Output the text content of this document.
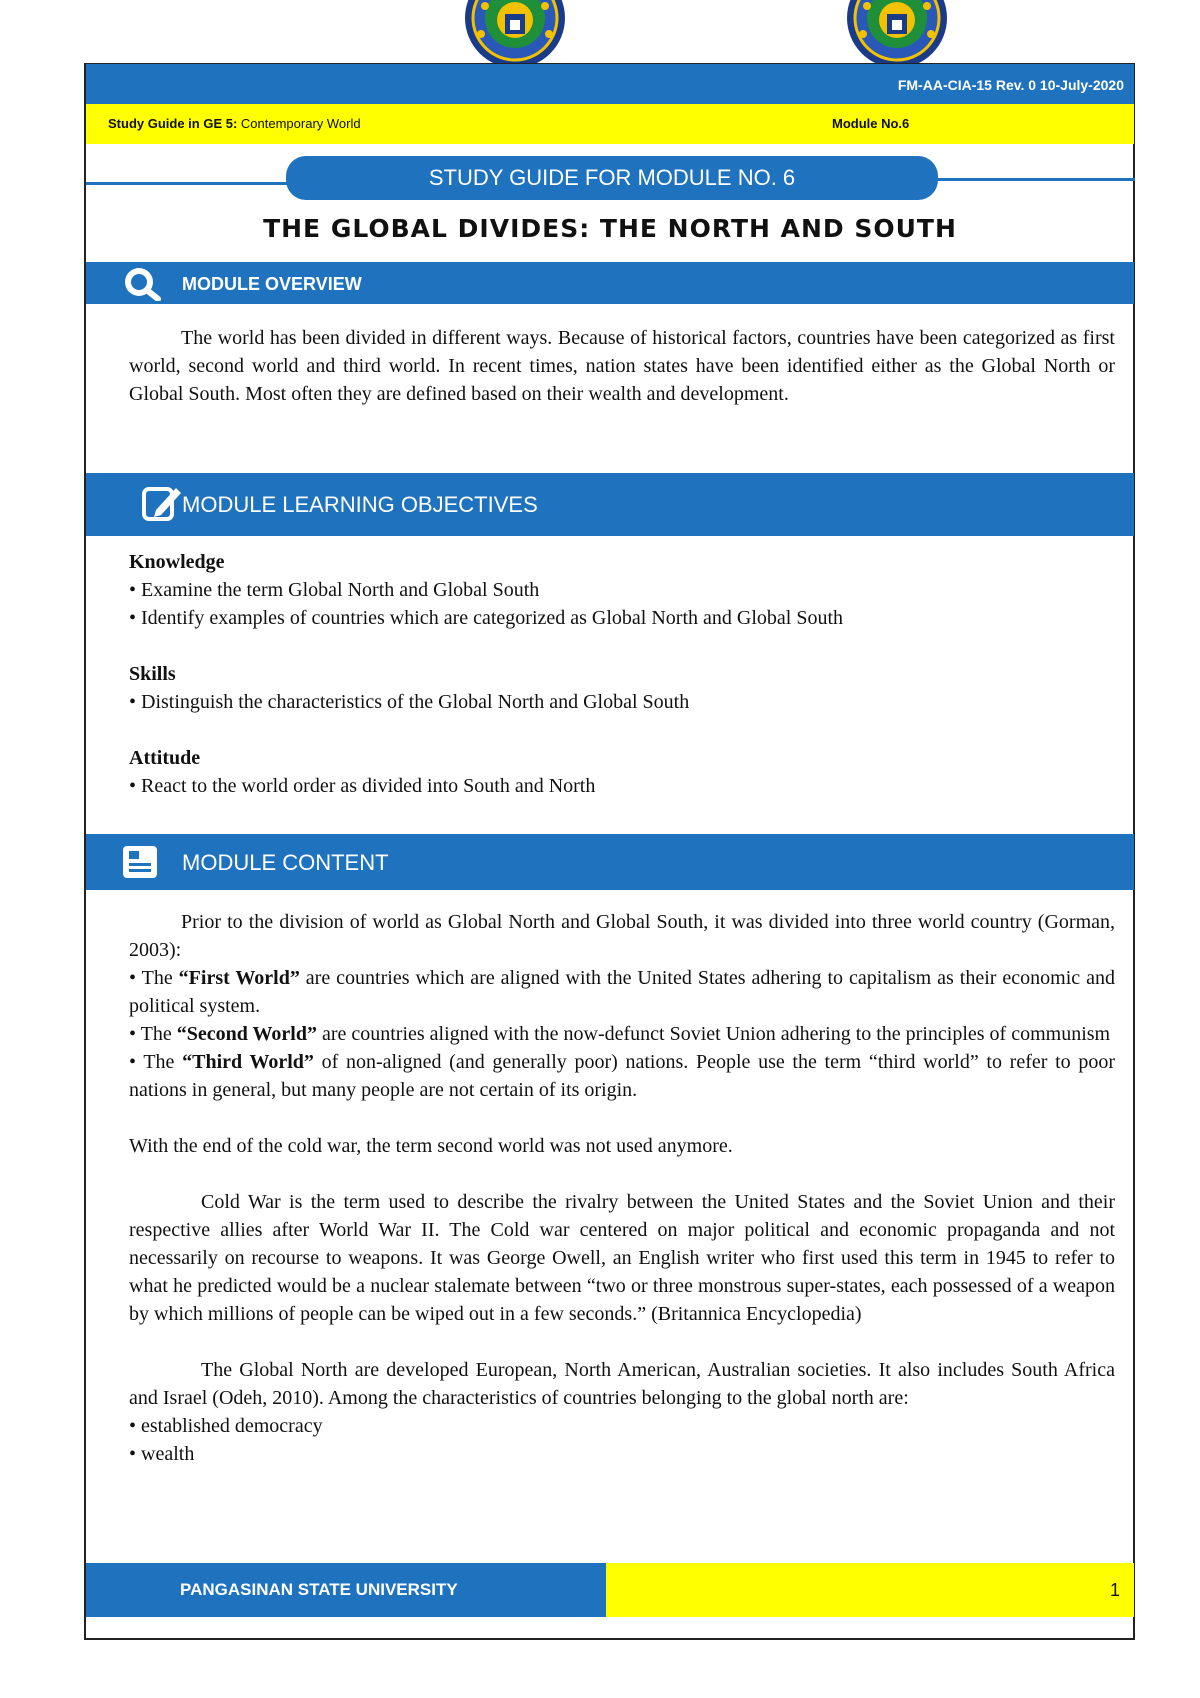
FM-AA-CIA-15 Rev. 0 10-July-2020
Study Guide in GE 5: Contemporary World	Module No.6
STUDY GUIDE FOR MODULE NO. 6
THE GLOBAL DIVIDES: THE NORTH AND SOUTH
MODULE OVERVIEW

The world has been divided in different ways. Because of historical factors, countries have been categorized as first world, second world and third world. In recent times, nation states have been identified either as the Global North or Global South. Most often they are defined based on their wealth and development.

MODULE LEARNING OBJECTIVES

Knowledge

• Examine the term Global North and Global South

• Identify examples of countries which are categorized as Global North and Global South

Skills

• Distinguish the characteristics of the Global North and Global South

Attitude

• React to the world order as divided into South and North

MODULE CONTENT

Prior to the division of world as Global North and Global South, it was divided into three world country (Gorman, 2003):

• The “First World” are countries which are aligned with the United States adhering to capitalism as their economic and political system.

• The “Second World” are countries aligned with the now-defunct Soviet Union adhering to the principles of communism

• The “Third World” of non-aligned (and generally poor) nations. People use the term “third world” to refer to poor nations in general, but many people are not certain of its origin.

With the end of the cold war, the term second world was not used anymore.

Cold War is the term used to describe the rivalry between the United States and the Soviet Union and their respective allies after World War II. The Cold war centered on major political and economic propaganda and not necessarily on recourse to weapons. It was George Owell, an English writer who first used this term in 1945 to refer to what he predicted would be a nuclear stalemate between “two or three monstrous super-states, each possessed of a weapon by which millions of people can be wiped out in a few seconds.” (Britannica Encyclopedia)

The Global North are developed European, North American, Australian societies. It also includes South Africa and Israel (Odeh, 2010). Among the characteristics of countries belonging to the global north are:

• established democracy

• wealth

PANGASINAN STATE UNIVERSITY	1
